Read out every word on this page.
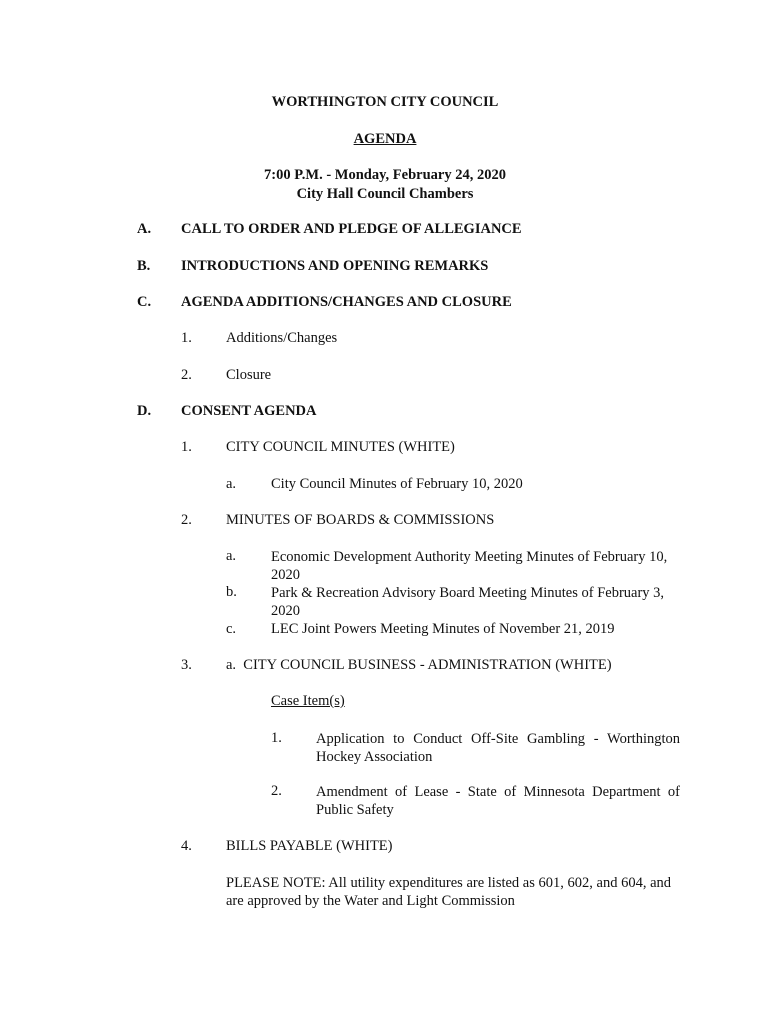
WORTHINGTON CITY COUNCIL
AGENDA
7:00 P.M. - Monday, February 24, 2020
City Hall Council Chambers
A. CALL TO ORDER AND PLEDGE OF ALLEGIANCE
B. INTRODUCTIONS AND OPENING REMARKS
C. AGENDA ADDITIONS/CHANGES AND CLOSURE
1. Additions/Changes
2. Closure
D. CONSENT AGENDA
1. CITY COUNCIL MINUTES (WHITE)
a. City Council Minutes of February 10, 2020
2. MINUTES OF BOARDS & COMMISSIONS
a. Economic Development Authority Meeting Minutes of February 10, 2020
b. Park & Recreation Advisory Board Meeting Minutes of February 3, 2020
c. LEC Joint Powers Meeting Minutes of November 21, 2019
3. a.  CITY COUNCIL BUSINESS - ADMINISTRATION (WHITE)
Case Item(s)
1. Application to Conduct Off-Site Gambling - Worthington Hockey Association
2. Amendment of Lease - State of Minnesota Department of Public Safety
4. BILLS PAYABLE (WHITE)
PLEASE NOTE: All utility expenditures are listed as 601, 602, and 604, and are approved by the Water and Light Commission
